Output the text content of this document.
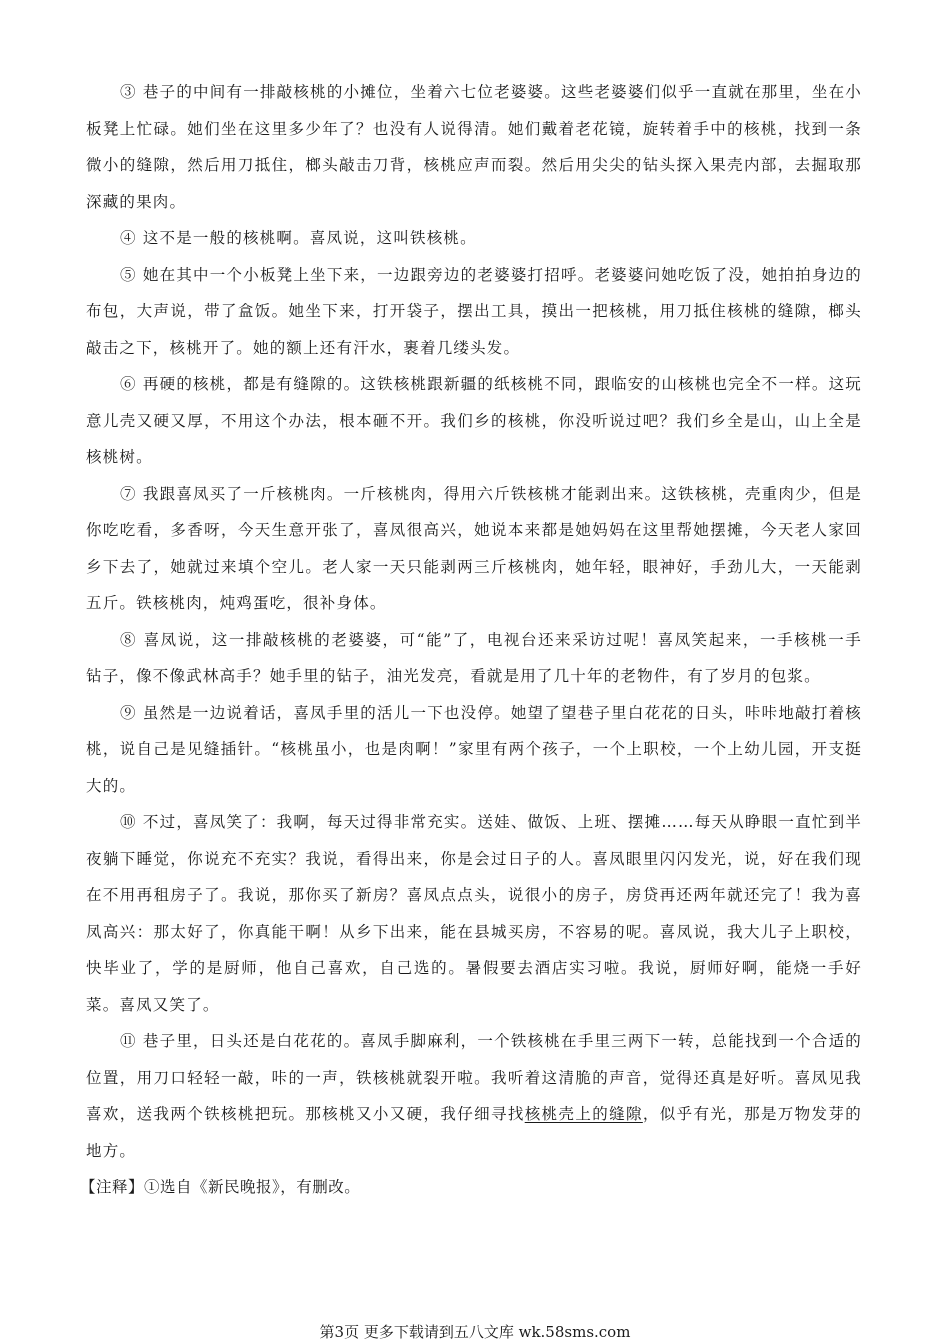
③ 巷子的中间有一排敲核桃的小摊位，坐着六七位老婆婆。这些老婆婆们似乎一直就在那里，坐在小板凳上忙碌。她们坐在这里多少年了？也没有人说得清。她们戴着老花镜，旋转着手中的核桃，找到一条微小的缝隙，然后用刀抵住，榔头敲击刀背，核桃应声而裂。然后用尖尖的钻头探入果壳内部，去掘取那深藏的果肉。

④ 这不是一般的核桃啊。喜凤说，这叫铁核桃。

⑤ 她在其中一个小板凳上坐下来，一边跟旁边的老婆婆打招呼。老婆婆问她吃饭了没，她拍拍身边的布包，大声说，带了盒饭。她坐下来，打开袋子，摆出工具，摸出一把核桃，用刀抵住核桃的缝隙，榔头敲击之下，核桃开了。她的额上还有汗水，裹着几缕头发。

⑥ 再硬的核桃，都是有缝隙的。这铁核桃跟新疆的纸核桃不同，跟临安的山核桃也完全不一样。这玩意儿壳又硬又厚，不用这个办法，根本砸不开。我们乡的核桃，你没听说过吧？我们乡全是山，山上全是核桃树。

⑦ 我跟喜凤买了一斤核桃肉。一斤核桃肉，得用六斤铁核桃才能剥出来。这铁核桃，壳重肉少，但是你吃吃看，多香呀，今天生意开张了，喜凤很高兴，她说本来都是她妈妈在这里帮她摆摊，今天老人家回乡下去了，她就过来填个空儿。老人家一天只能剥两三斤核桃肉，她年轻，眼神好，手劲儿大，一天能剥五斤。铁核桃肉，炖鸡蛋吃，很补身体。

⑧ 喜凤说，这一排敲核桃的老婆婆，可“能”了，电视台还来采访过呢！喜凤笑起来，一手核桃一手钻子，像不像武林高手？她手里的钻子，油光发亮，看就是用了几十年的老物件，有了岁月的包浆。

⑨ 虽然是一边说着话，喜凤手里的活儿一下也没停。她望了望巷子里白花花的日头，咔咔地敲打着核桃，说自己是见缝插针。“核桃虽小，也是肉啊！”家里有两个孩子，一个上职校，一个上幼儿园，开支挺大的。

⑩ 不过，喜凤笑了：我啊，每天过得非常充实。送娃、做饭、上班、摆摊……每天从睁眼一直忙到半夜躺下睡觉，你说充不充实？我说，看得出来，你是会过日子的人。喜凤眼里闪闪发光，说，好在我们现在不用再租房子了。我说，那你买了新房？喜凤点点头，说很小的房子，房贷再还两年就还完了！我为喜凤高兴：那太好了，你真能干啊！从乡下出来，能在县城买房，不容易的呢。喜凤说，我大儿子上职校，快毕业了，学的是厨师，他自己喜欢，自己选的。暑假要去酒店实习啦。我说，厨师好啊，能烧一手好菜。喜凤又笑了。

⑪ 巷子里，日头还是白花花的。喜凤手脚麻利，一个铁核桃在手里三两下一转，总能找到一个合适的位置，用刀口轻轻一敲，咔的一声，铁核桃就裂开啦。我听着这清脆的声音，觉得还真是好听。喜凤见我喜欢，送我两个铁核桃把玩。那核桃又小又硬，我仔细寻找核桃壳上的缝隙，似乎有光，那是万物发芽的地方。

【注释】①选自《新民晚报》，有删改。

第3页 更多下载请到五八文库 wk.58sms.com
